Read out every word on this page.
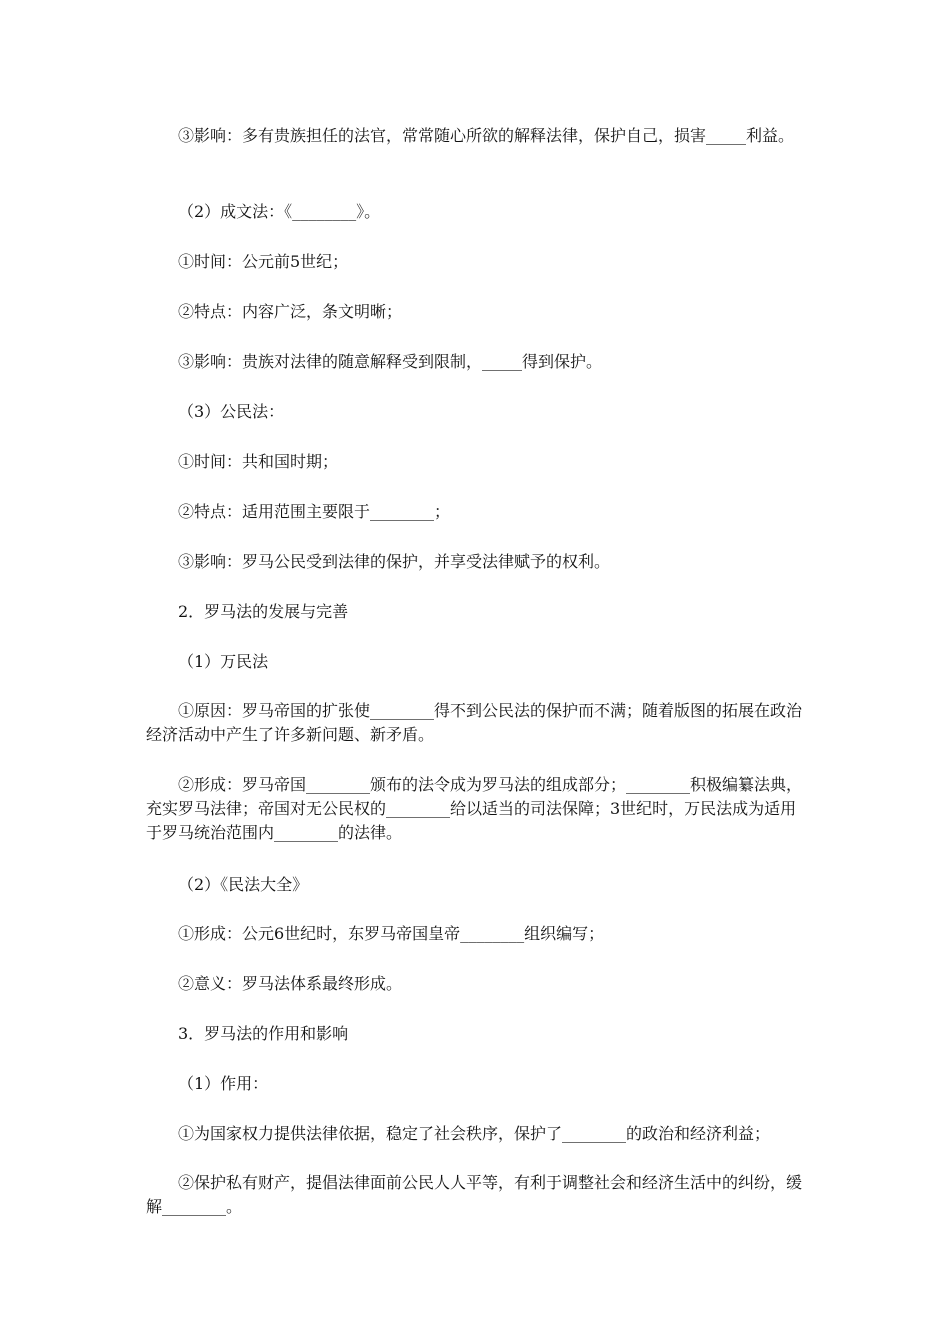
③影响：多有贵族担任的法官，常常随心所欲的解释法律，保护自己，损害_____利益。

（2）成文法：《________》。

①时间：公元前5世纪；

②特点：内容广泛，条文明晰；

③影响：贵族对法律的随意解释受到限制，_____得到保护。

（3）公民法：

①时间：共和国时期；

②特点：适用范围主要限于________；

③影响：罗马公民受到法律的保护，并享受法律赋予的权利。

2．罗马法的发展与完善

（1）万民法

①原因：罗马帝国的扩张使________得不到公民法的保护而不满；随着版图的拓展在政治经济活动中产生了许多新问题、新矛盾。

②形成：罗马帝国________颁布的法令成为罗马法的组成部分；________积极编纂法典，充实罗马法律；帝国对无公民权的________给以适当的司法保障；3世纪时，万民法成为适用于罗马统治范围内________的法律。

（2）《民法大全》

①形成：公元6世纪时，东罗马帝国皇帝________组织编写；

②意义：罗马法体系最终形成。

3．罗马法的作用和影响

（1）作用：

①为国家权力提供法律依据，稳定了社会秩序，保护了________的政治和经济利益；

②保护私有财产，提倡法律面前公民人人平等，有利于调整社会和经济生活中的纠纷，缓解________。
